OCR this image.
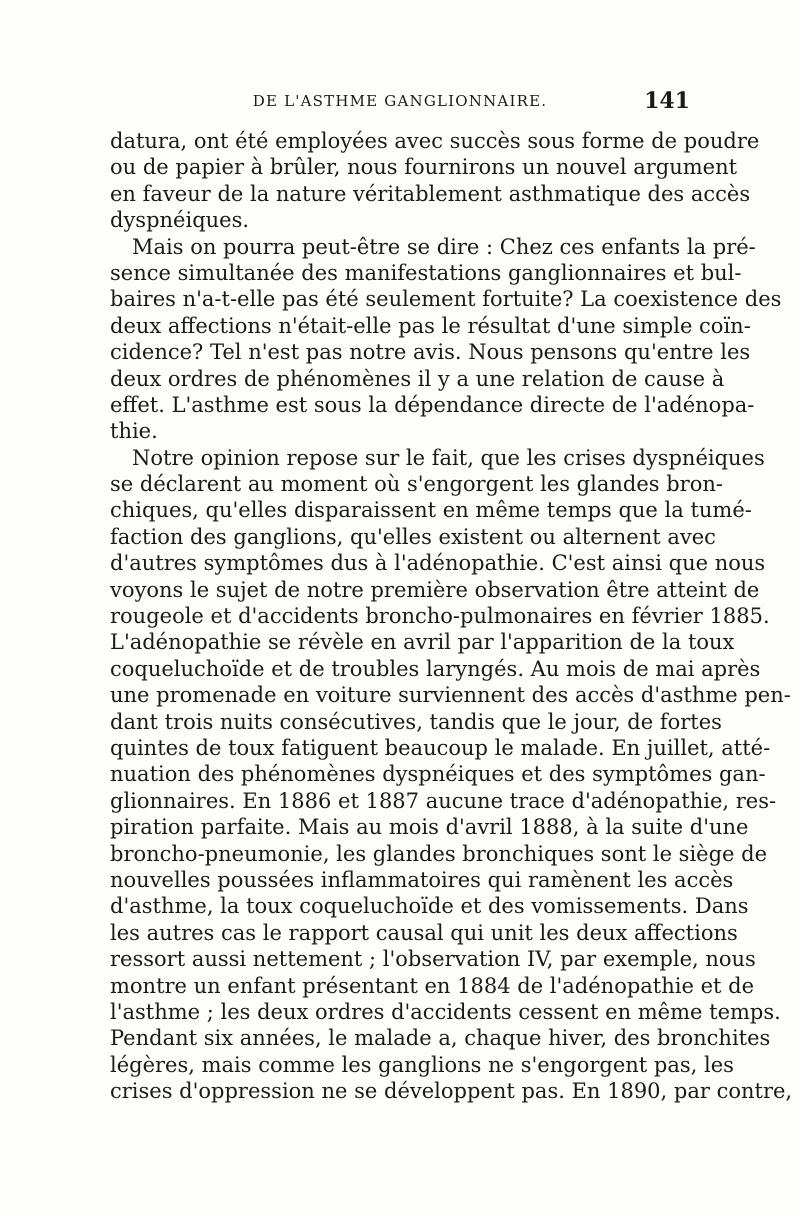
DE L'ASTHME GANGLIONNAIRE.	141
datura, ont été employées avec succès sous forme de poudre
ou de papier à brûler, nous fournirons un nouvel argument
en faveur de la nature véritablement asthmatique des accès
dyspnéiques.
Mais on pourra peut-être se dire : Chez ces enfants la pré-
sence simultanée des manifestations ganglionnaires et bul-
baires n'a-t-elle pas été seulement fortuite? La coexistence des
deux affections n'était-elle pas le résultat d'une simple coïn-
cidence? Tel n'est pas notre avis. Nous pensons qu'entre les
deux ordres de phénomènes il y a une relation de cause à
effet. L'asthme est sous la dépendance directe de l'adénopa-
thie.
Notre opinion repose sur le fait, que les crises dyspnéiques
se déclarent au moment où s'engorgent les glandes bron-
chiques, qu'elles disparaissent en même temps que la tumé-
faction des ganglions, qu'elles existent ou alternent avec
d'autres symptômes dus à l'adénopathie. C'est ainsi que nous
voyons le sujet de notre première observation être atteint de
rougeole et d'accidents broncho-pulmonaires en février 1885.
L'adénopathie se révèle en avril par l'apparition de la toux
coqueluchoïde et de troubles laryngés. Au mois de mai après
une promenade en voiture surviennent des accès d'asthme pen-
dant trois nuits consécutives, tandis que le jour, de fortes
quintes de toux fatiguent beaucoup le malade. En juillet, atté-
nuation des phénomènes dyspnéiques et des symptômes gan-
glionnaires. En 1886 et 1887 aucune trace d'adénopathie, res-
piration parfaite. Mais au mois d'avril 1888, à la suite d'une
broncho-pneumonie, les glandes bronchiques sont le siège de
nouvelles poussées inflammatoires qui ramènent les accès
d'asthme, la toux coqueluchoïde et des vomissements. Dans
les autres cas le rapport causal qui unit les deux affections
ressort aussi nettement ; l'observation IV, par exemple, nous
montre un enfant présentant en 1884 de l'adénopathie et de
l'asthme ; les deux ordres d'accidents cessent en même temps.
Pendant six années, le malade a, chaque hiver, des bronchites
légères, mais comme les ganglions ne s'engorgent pas, les
crises d'oppression ne se développent pas. En 1890, par contre,
